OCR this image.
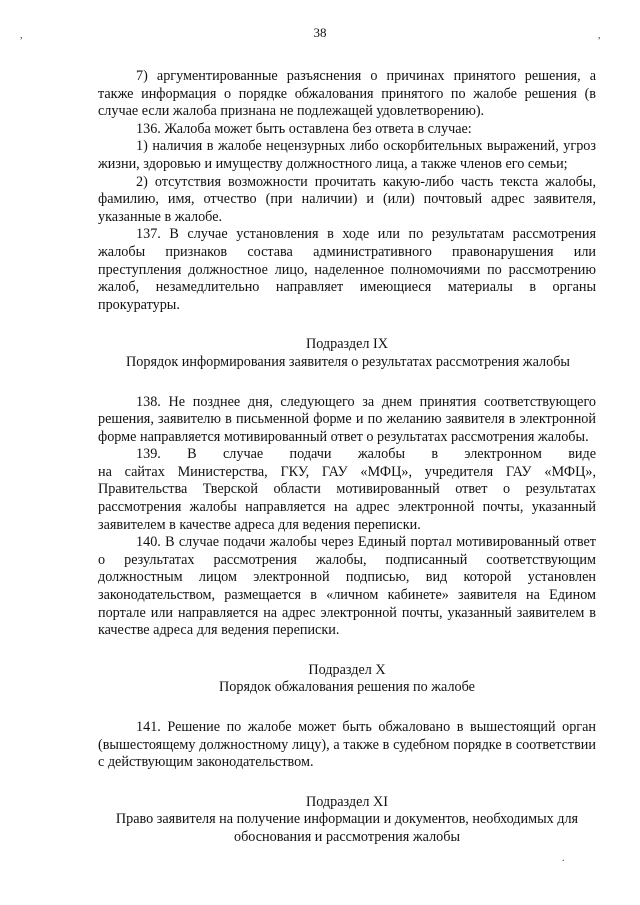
38

7) аргументированные разъяснения о причинах принятого решения, а также информация о порядке обжалования принятого по жалобе решения (в случае если жалоба признана не подлежащей удовлетворению).

136. Жалоба может быть оставлена без ответа в случае:

1) наличия в жалобе нецензурных либо оскорбительных выражений, угроз жизни, здоровью и имуществу должностного лица, а также членов его семьи;

2) отсутствия возможности прочитать какую-либо часть текста жалобы, фамилию, имя, отчество (при наличии) и (или) почтовый адрес заявителя, указанные в жалобе.

137. В случае установления в ходе или по результатам рассмотрения жалобы признаков состава административного правонарушения или преступления должностное лицо, наделенное полномочиями по рассмотрению жалоб, незамедлительно направляет имеющиеся материалы в органы прокуратуры.

Подраздел IX

Порядок информирования заявителя о результатах рассмотрения жалобы

138. Не позднее дня, следующего за днем принятия соответствующего решения, заявителю в письменной форме и по желанию заявителя в электронной форме направляется мотивированный ответ о результатах рассмотрения жалобы.

139. В случае подачи жалобы в электронном виде

на сайтах Министерства, ГКУ, ГАУ «МФЦ», учредителя ГАУ «МФЦ», Правительства Тверской области мотивированный ответ о результатах рассмотрения жалобы направляется на адрес электронной почты, указанный заявителем в качестве адреса для ведения переписки.

140. В случае подачи жалобы через Единый портал мотивированный ответ о результатах рассмотрения жалобы, подписанный соответствующим должностным лицом электронной подписью, вид которой установлен законодательством, размещается в «личном кабинете» заявителя на Едином портале или направляется на адрес электронной почты, указанный заявителем в качестве адреса для ведения переписки.

Подраздел X

Порядок обжалования решения по жалобе

141. Решение по жалобе может быть обжаловано в вышестоящий орган (вышестоящему должностному лицу), а также в судебном порядке в соответствии с действующим законодательством.

Подраздел XI

Право заявителя на получение информации и документов, необходимых для обоснования и рассмотрения жалобы

,	,
.
